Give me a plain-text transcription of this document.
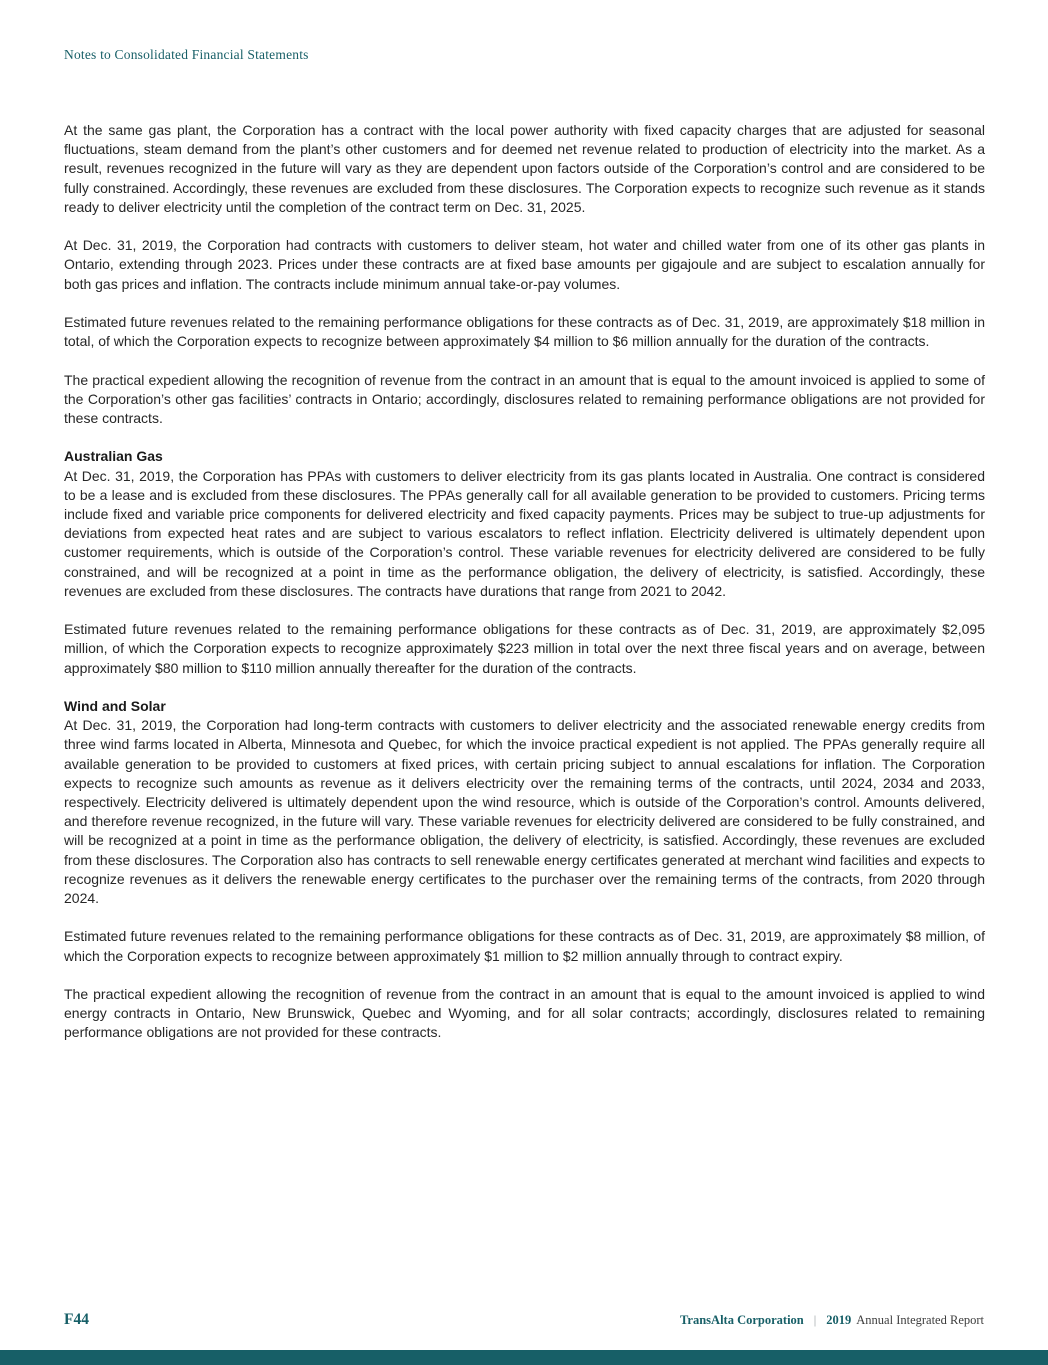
Notes to Consolidated Financial Statements

At the same gas plant, the Corporation has a contract with the local power authority with fixed capacity charges that are adjusted for seasonal fluctuations, steam demand from the plant’s other customers and for deemed net revenue related to production of electricity into the market. As a result, revenues recognized in the future will vary as they are dependent upon factors outside of the Corporation’s control and are considered to be fully constrained. Accordingly, these revenues are excluded from these disclosures. The Corporation expects to recognize such revenue as it stands ready to deliver electricity until the completion of the contract term on Dec. 31, 2025.

At Dec. 31, 2019, the Corporation had contracts with customers to deliver steam, hot water and chilled water from one of its other gas plants in Ontario, extending through 2023. Prices under these contracts are at fixed base amounts per gigajoule and are subject to escalation annually for both gas prices and inflation. The contracts include minimum annual take-or-pay volumes.

Estimated future revenues related to the remaining performance obligations for these contracts as of Dec. 31, 2019, are approximately $18 million in total, of which the Corporation expects to recognize between approximately $4 million to $6 million annually for the duration of the contracts.

The practical expedient allowing the recognition of revenue from the contract in an amount that is equal to the amount invoiced is applied to some of the Corporation’s other gas facilities’ contracts in Ontario; accordingly, disclosures related to remaining performance obligations are not provided for these contracts.

Australian Gas

At Dec. 31, 2019, the Corporation has PPAs with customers to deliver electricity from its gas plants located in Australia. One contract is considered to be a lease and is excluded from these disclosures. The PPAs generally call for all available generation to be provided to customers. Pricing terms include fixed and variable price components for delivered electricity and fixed capacity payments. Prices may be subject to true-up adjustments for deviations from expected heat rates and are subject to various escalators to reflect inflation. Electricity delivered is ultimately dependent upon customer requirements, which is outside of the Corporation’s control. These variable revenues for electricity delivered are considered to be fully constrained, and will be recognized at a point in time as the performance obligation, the delivery of electricity, is satisfied. Accordingly, these revenues are excluded from these disclosures. The contracts have durations that range from 2021 to 2042.

Estimated future revenues related to the remaining performance obligations for these contracts as of Dec. 31, 2019, are approximately $2,095 million, of which the Corporation expects to recognize approximately $223 million in total over the next three fiscal years and on average, between approximately $80 million to $110 million annually thereafter for the duration of the contracts.

Wind and Solar

At Dec. 31, 2019, the Corporation had long-term contracts with customers to deliver electricity and the associated renewable energy credits from three wind farms located in Alberta, Minnesota and Quebec, for which the invoice practical expedient is not applied. The PPAs generally require all available generation to be provided to customers at fixed prices, with certain pricing subject to annual escalations for inflation. The Corporation expects to recognize such amounts as revenue as it delivers electricity over the remaining terms of the contracts, until 2024, 2034 and 2033, respectively. Electricity delivered is ultimately dependent upon the wind resource, which is outside of the Corporation’s control. Amounts delivered, and therefore revenue recognized, in the future will vary. These variable revenues for electricity delivered are considered to be fully constrained, and will be recognized at a point in time as the performance obligation, the delivery of electricity, is satisfied. Accordingly, these revenues are excluded from these disclosures. The Corporation also has contracts to sell renewable energy certificates generated at merchant wind facilities and expects to recognize revenues as it delivers the renewable energy certificates to the purchaser over the remaining terms of the contracts, from 2020 through 2024.

Estimated future revenues related to the remaining performance obligations for these contracts as of Dec. 31, 2019, are approximately $8 million, of which the Corporation expects to recognize between approximately $1 million to $2 million annually through to contract expiry.

The practical expedient allowing the recognition of revenue from the contract in an amount that is equal to the amount invoiced is applied to wind energy contracts in Ontario, New Brunswick, Quebec and Wyoming, and for all solar contracts; accordingly, disclosures related to remaining performance obligations are not provided for these contracts.

F44	TransAlta Corporation | 2019 Annual Integrated Report
